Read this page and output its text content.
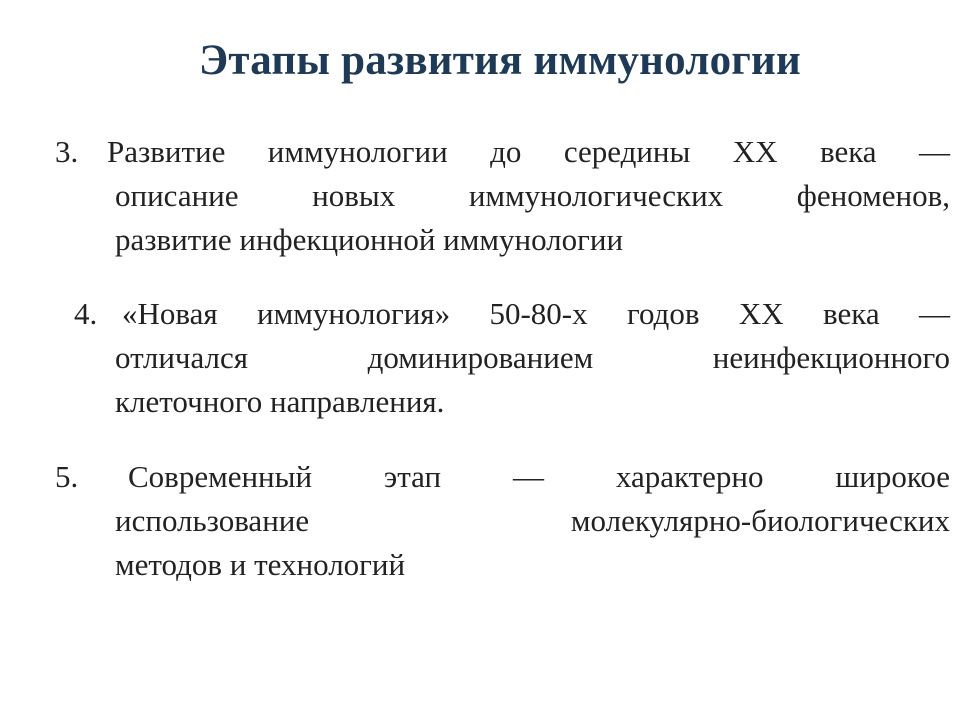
Этапы развития иммунологии
3. Развитие иммунологии до середины ХХ века —
описание новых иммунологических феноменов,
развитие инфекционной иммунологии
4. «Новая иммунология» 50-80-х годов ХХ века —
отличался доминированием неинфекционного
клеточного направления.
5. Современный этап — характерно широкое
использование молекулярно-биологических
методов и технологий
